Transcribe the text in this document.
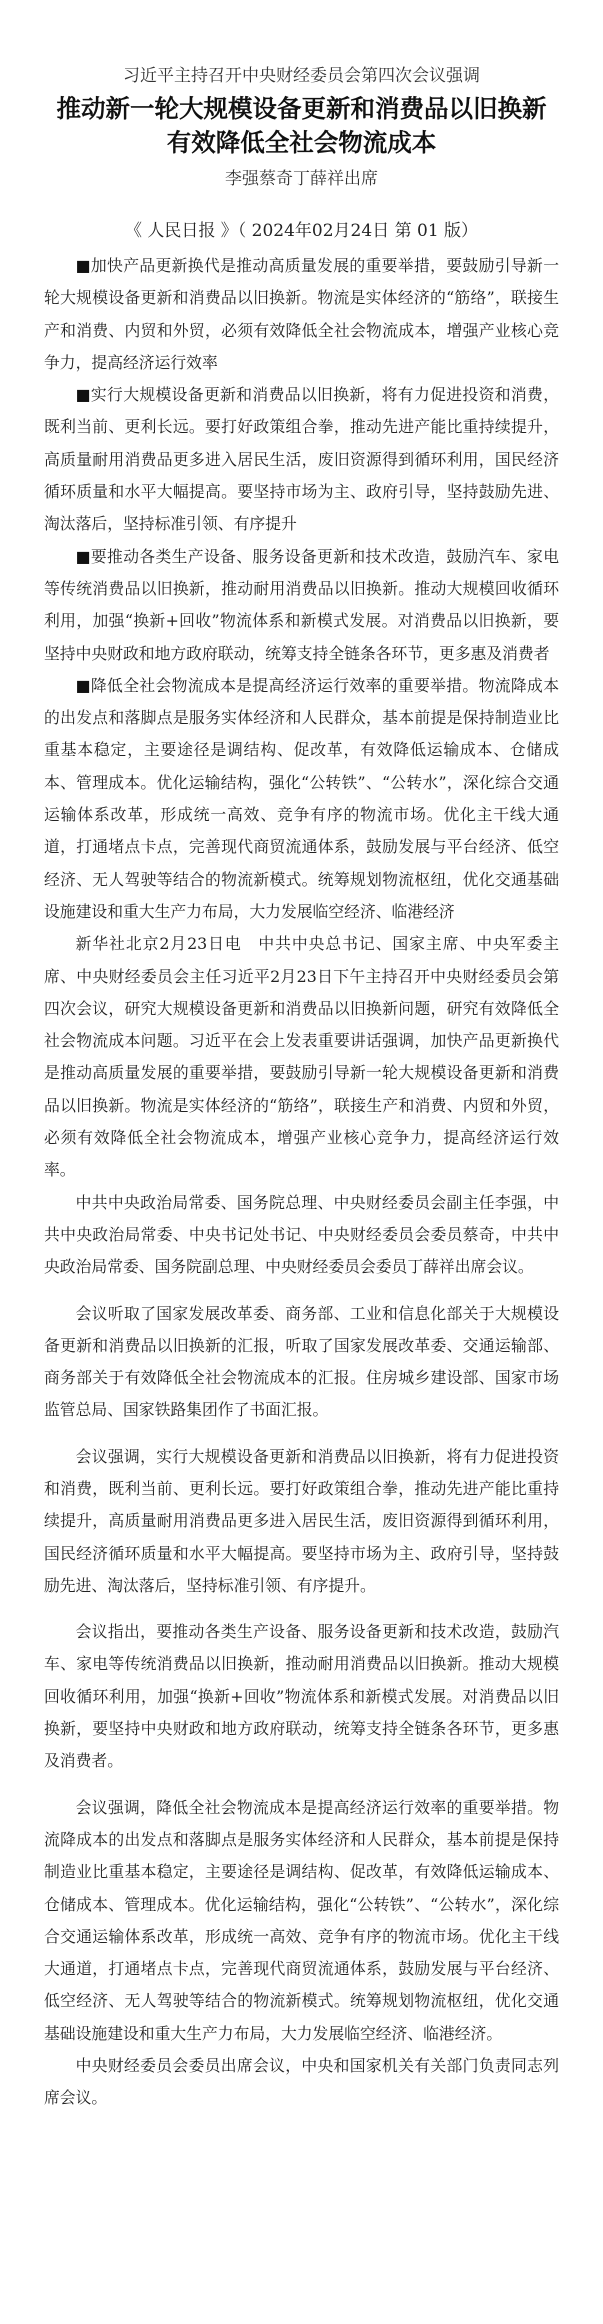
习近平主持召开中央财经委员会第四次会议强调

推动新一轮大规模设备更新和消费品以旧换新
有效降低全社会物流成本

李强蔡奇丁薛祥出席

《 人民日报 》（ 2024年02月24日 第 01 版）

■加快产品更新换代是推动高质量发展的重要举措，要鼓励引导新一轮大规模设备更新和消费品以旧换新。物流是实体经济的“筋络”，联接生产和消费、内贸和外贸，必须有效降低全社会物流成本，增强产业核心竞争力，提高经济运行效率

■实行大规模设备更新和消费品以旧换新，将有力促进投资和消费，既利当前、更利长远。要打好政策组合拳，推动先进产能比重持续提升，高质量耐用消费品更多进入居民生活，废旧资源得到循环利用，国民经济循环质量和水平大幅提高。要坚持市场为主、政府引导，坚持鼓励先进、淘汰落后，坚持标准引领、有序提升

■要推动各类生产设备、服务设备更新和技术改造，鼓励汽车、家电等传统消费品以旧换新，推动耐用消费品以旧换新。推动大规模回收循环利用，加强“换新+回收”物流体系和新模式发展。对消费品以旧换新，要坚持中央财政和地方政府联动，统筹支持全链条各环节，更多惠及消费者

■降低全社会物流成本是提高经济运行效率的重要举措。物流降成本的出发点和落脚点是服务实体经济和人民群众，基本前提是保持制造业比重基本稳定，主要途径是调结构、促改革，有效降低运输成本、仓储成本、管理成本。优化运输结构，强化“公转铁”、“公转水”，深化综合交通运输体系改革，形成统一高效、竞争有序的物流市场。优化主干线大通道，打通堵点卡点，完善现代商贸流通体系，鼓励发展与平台经济、低空经济、无人驾驶等结合的物流新模式。统筹规划物流枢纽，优化交通基础设施建设和重大生产力布局，大力发展临空经济、临港经济

新华社北京2月23日电　中共中央总书记、国家主席、中央军委主席、中央财经委员会主任习近平2月23日下午主持召开中央财经委员会第四次会议，研究大规模设备更新和消费品以旧换新问题，研究有效降低全社会物流成本问题。习近平在会上发表重要讲话强调，加快产品更新换代是推动高质量发展的重要举措，要鼓励引导新一轮大规模设备更新和消费品以旧换新。物流是实体经济的“筋络”，联接生产和消费、内贸和外贸，必须有效降低全社会物流成本，增强产业核心竞争力，提高经济运行效率。

中共中央政治局常委、国务院总理、中央财经委员会副主任李强，中共中央政治局常委、中央书记处书记、中央财经委员会委员蔡奇，中共中央政治局常委、国务院副总理、中央财经委员会委员丁薛祥出席会议。

会议听取了国家发展改革委、商务部、工业和信息化部关于大规模设备更新和消费品以旧换新的汇报，听取了国家发展改革委、交通运输部、商务部关于有效降低全社会物流成本的汇报。住房城乡建设部、国家市场监管总局、国家铁路集团作了书面汇报。

会议强调，实行大规模设备更新和消费品以旧换新，将有力促进投资和消费，既利当前、更利长远。要打好政策组合拳，推动先进产能比重持续提升，高质量耐用消费品更多进入居民生活，废旧资源得到循环利用，国民经济循环质量和水平大幅提高。要坚持市场为主、政府引导，坚持鼓励先进、淘汰落后，坚持标准引领、有序提升。

会议指出，要推动各类生产设备、服务设备更新和技术改造，鼓励汽车、家电等传统消费品以旧换新，推动耐用消费品以旧换新。推动大规模回收循环利用，加强“换新+回收”物流体系和新模式发展。对消费品以旧换新，要坚持中央财政和地方政府联动，统筹支持全链条各环节，更多惠及消费者。

会议强调，降低全社会物流成本是提高经济运行效率的重要举措。物流降成本的出发点和落脚点是服务实体经济和人民群众，基本前提是保持制造业比重基本稳定，主要途径是调结构、促改革，有效降低运输成本、仓储成本、管理成本。优化运输结构，强化“公转铁”、“公转水”，深化综合交通运输体系改革，形成统一高效、竞争有序的物流市场。优化主干线大通道，打通堵点卡点，完善现代商贸流通体系，鼓励发展与平台经济、低空经济、无人驾驶等结合的物流新模式。统筹规划物流枢纽，优化交通基础设施建设和重大生产力布局，大力发展临空经济、临港经济。

中央财经委员会委员出席会议，中央和国家机关有关部门负责同志列席会议。
